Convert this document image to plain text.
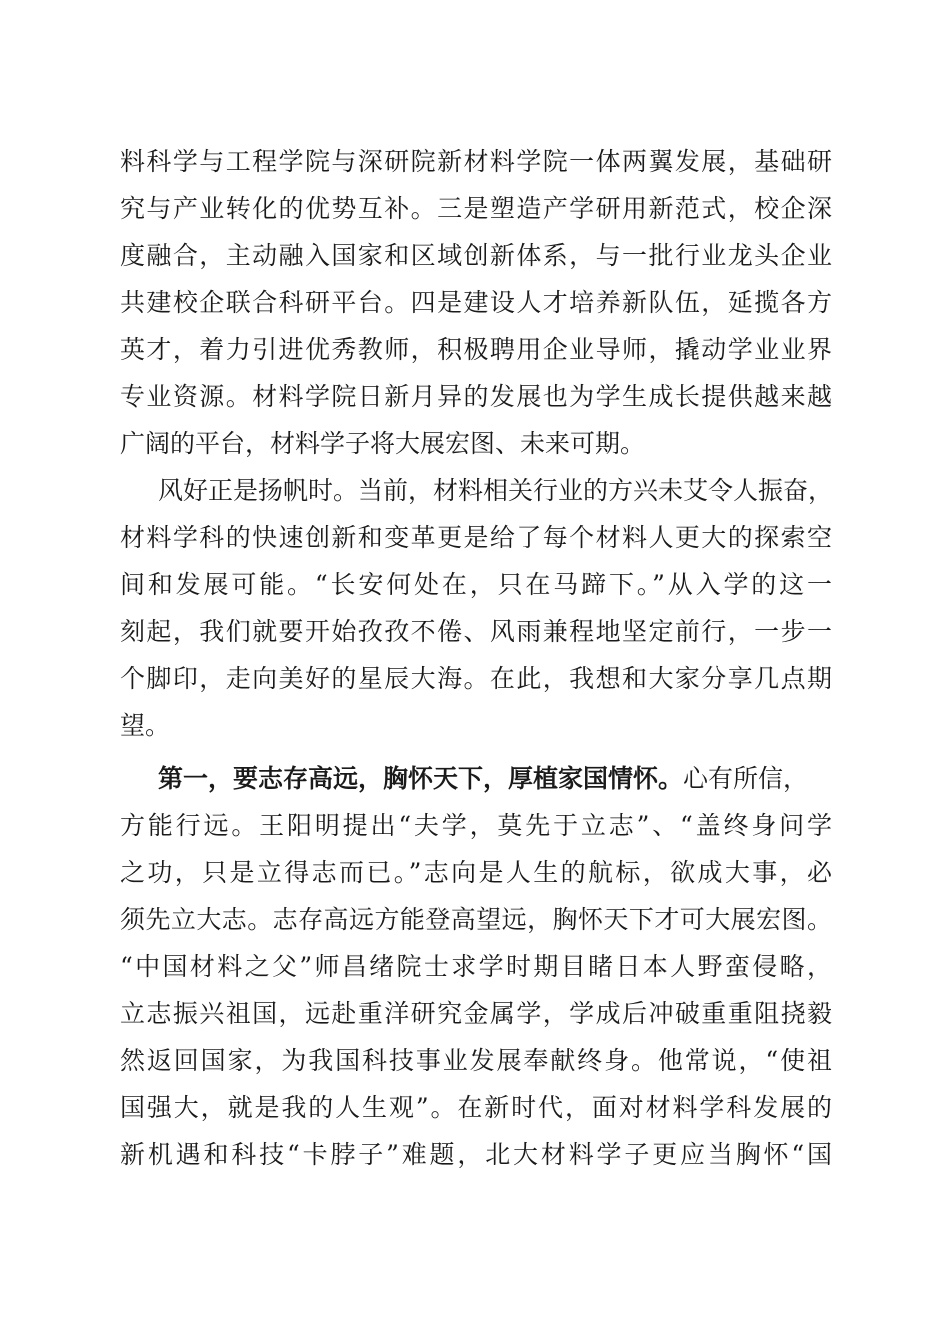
料科学与工程学院与深研院新材料学院一体两翼发展，基础研
究与产业转化的优势互补。三是塑造产学研用新范式，校企深
度融合，主动融入国家和区域创新体系，与一批行业龙头企业
共建校企联合科研平台。四是建设人才培养新队伍，延揽各方
英才，着力引进优秀教师，积极聘用企业导师，撬动学业业界
专业资源。材料学院日新月异的发展也为学生成长提供越来越
广阔的平台，材料学子将大展宏图、未来可期。
风好正是扬帆时。当前，材料相关行业的方兴未艾令人振奋，
材料学科的快速创新和变革更是给了每个材料人更大的探索空
间和发展可能。“长安何处在，只在马蹄下。”从入学的这一
刻起，我们就要开始孜孜不倦、风雨兼程地坚定前行，一步一
个脚印，走向美好的星辰大海。在此，我想和大家分享几点期
望。
第一，要志存高远，胸怀天下，厚植家国情怀。心有所信，
方能行远。王阳明提出“夫学，莫先于立志”、“盖终身问学
之功，只是立得志而已。”志向是人生的航标，欲成大事，必
须先立大志。志存高远方能登高望远，胸怀天下才可大展宏图。
“中国材料之父”师昌绪院士求学时期目睹日本人野蛮侵略，
立志振兴祖国，远赴重洋研究金属学，学成后冲破重重阻挠毅
然返回国家，为我国科技事业发展奉献终身。他常说，“使祖
国强大，就是我的人生观”。在新时代，面对材料学科发展的
新机遇和科技“卡脖子”难题，北大材料学子更应当胸怀“国
